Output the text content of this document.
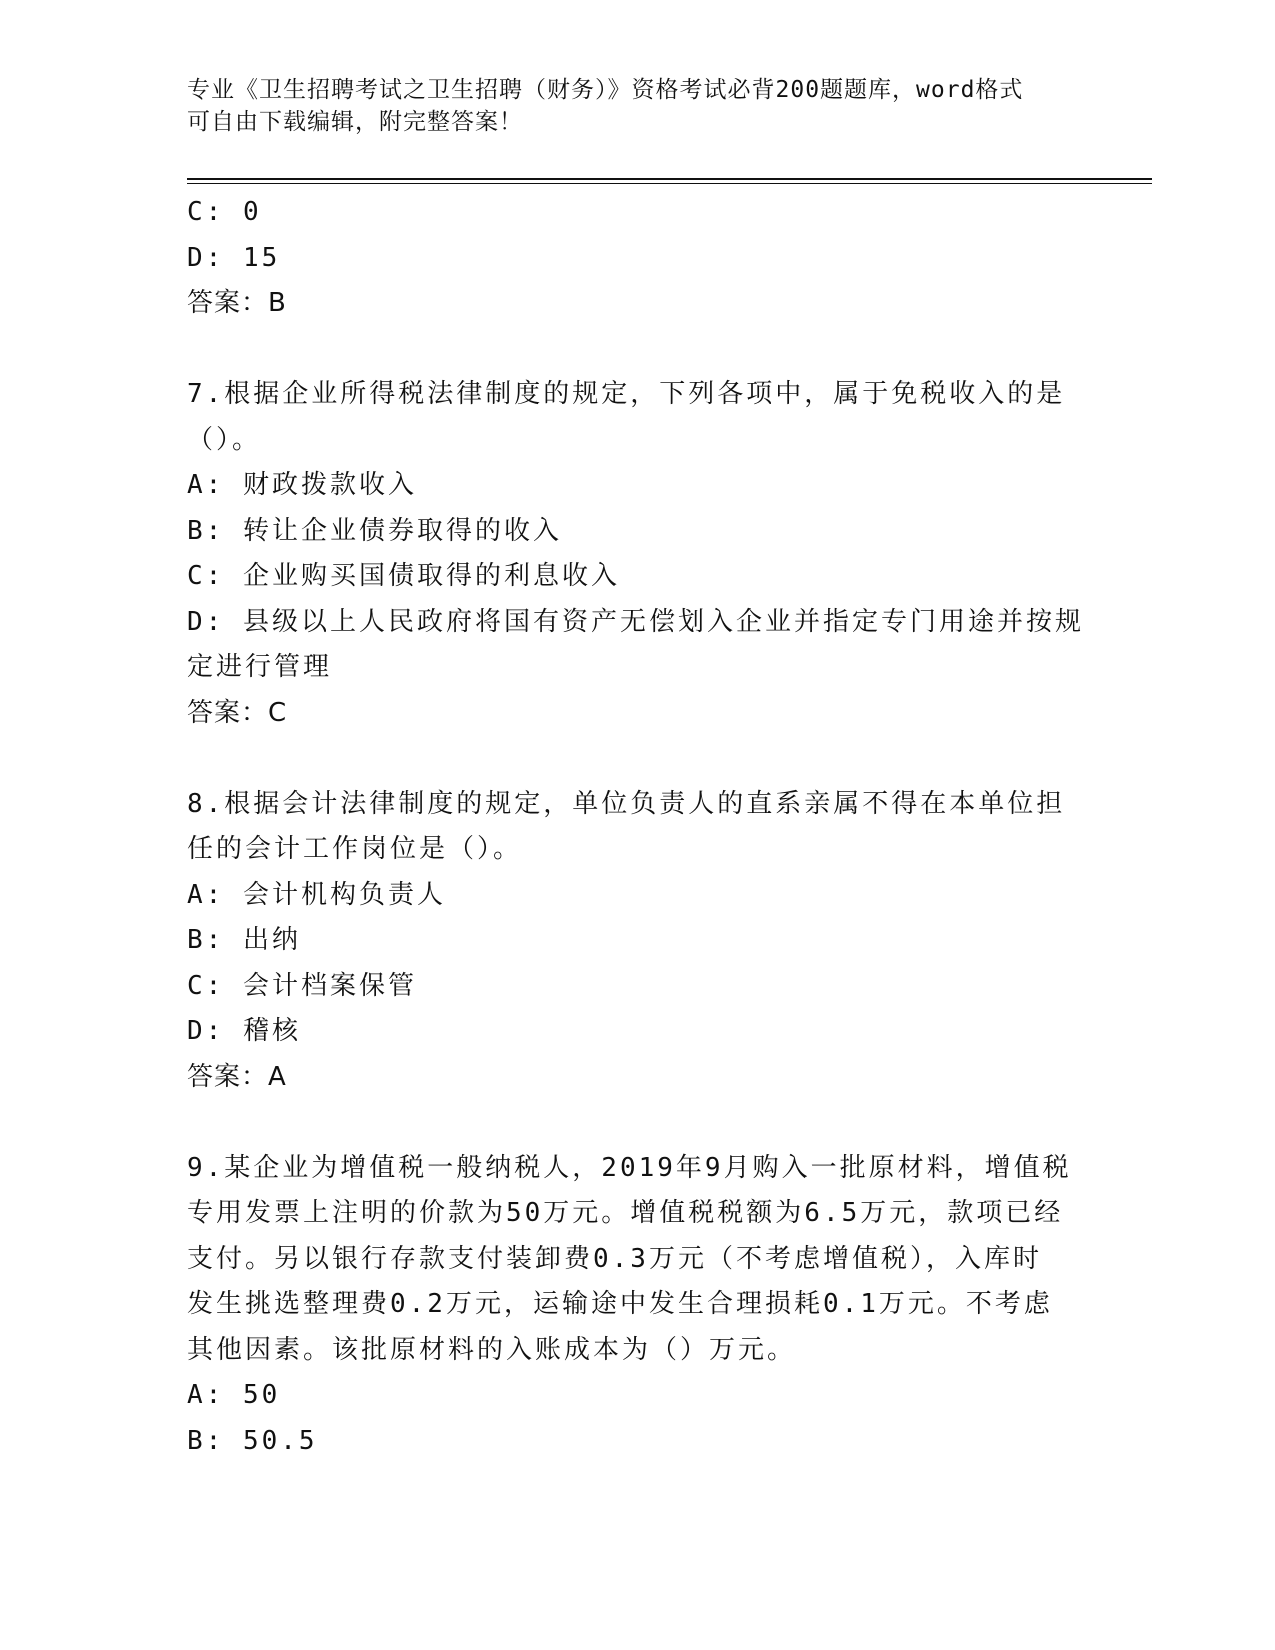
专业《卫生招聘考试之卫生招聘（财务）》资格考试必背200题题库，word格式
可自由下载编辑，附完整答案！

C: 0

D: 15

答案：B

7.根据企业所得税法律制度的规定，下列各项中，属于免税收入的是

（）。

A: 财政拨款收入

B: 转让企业债券取得的收入

C: 企业购买国债取得的利息收入

D: 县级以上人民政府将国有资产无偿划入企业并指定专门用途并按规

定进行管理

答案：C

8.根据会计法律制度的规定，单位负责人的直系亲属不得在本单位担

任的会计工作岗位是（）。

A: 会计机构负责人

B: 出纳

C: 会计档案保管

D: 稽核

答案：A

9.某企业为增值税一般纳税人，2019年9月购入一批原材料，增值税

专用发票上注明的价款为50万元。增值税税额为6.5万元，款项已经

支付。另以银行存款支付装卸费0.3万元（不考虑增值税），入库时

发生挑选整理费0.2万元，运输途中发生合理损耗0.1万元。不考虑

其他因素。该批原材料的入账成本为（）万元。

A: 50

B: 50.5
